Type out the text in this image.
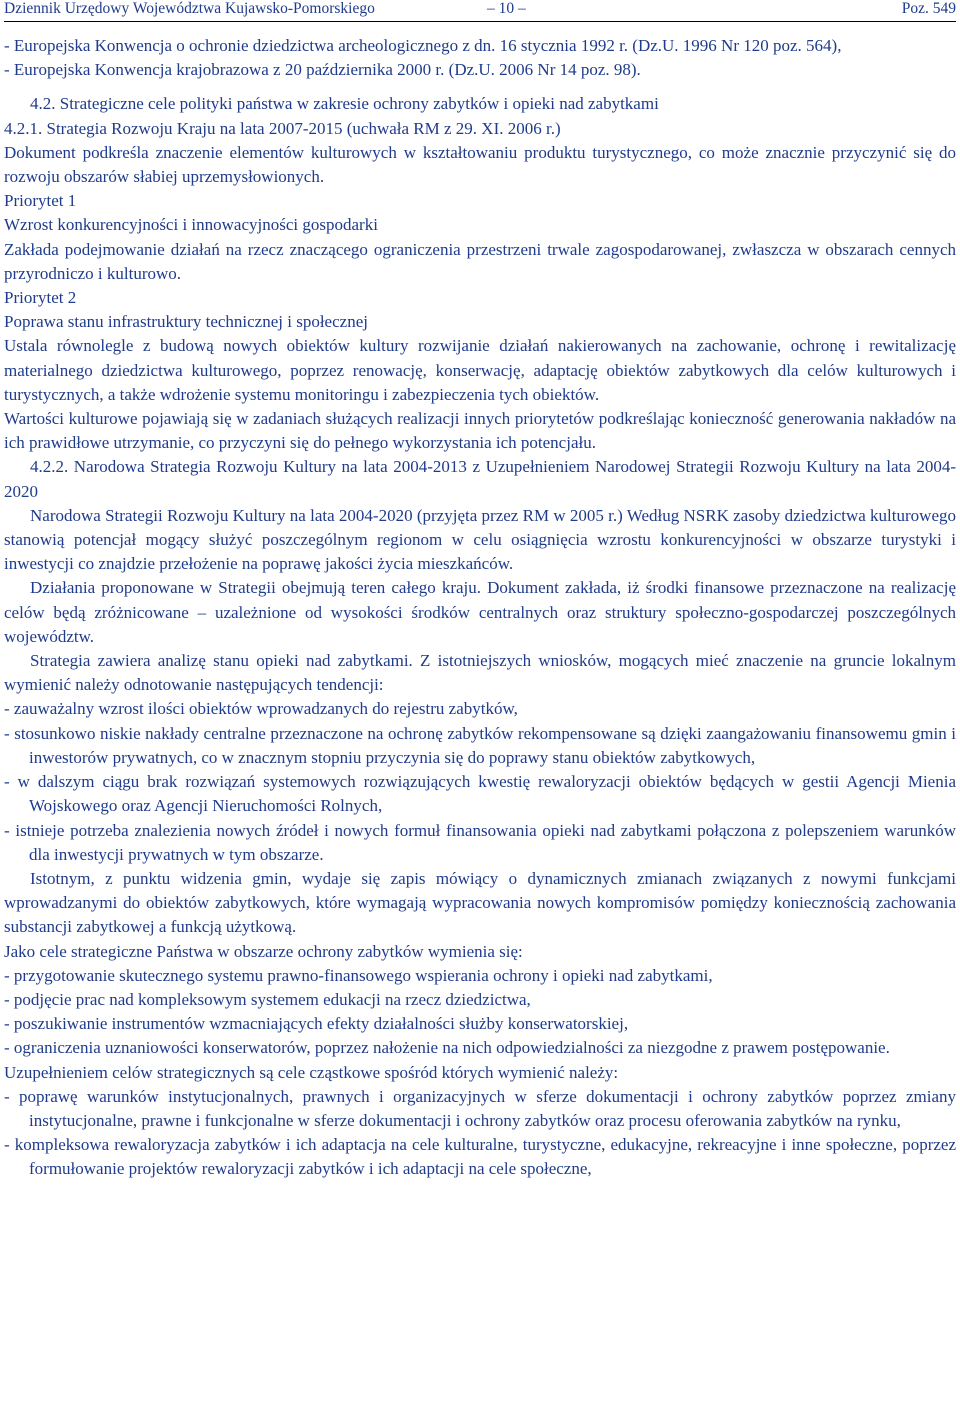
Dziennik Urzędowy Województwa Kujawsko-Pomorskiego	– 10 –	Poz. 549

- Europejska Konwencja o ochronie dziedzictwa archeologicznego z dn. 16 stycznia 1992 r. (Dz.U. 1996 Nr 120 poz. 564),

- Europejska Konwencja krajobrazowa z 20 października 2000 r. (Dz.U. 2006 Nr 14 poz. 98).

4.2. Strategiczne cele polityki państwa w zakresie ochrony zabytków i opieki nad zabytkami

4.2.1. Strategia Rozwoju Kraju na lata 2007-2015 (uchwała RM z 29. XI. 2006 r.)

Dokument podkreśla znaczenie elementów kulturowych w kształtowaniu produktu turystycznego, co może znacznie przyczynić się do rozwoju obszarów słabiej uprzemysłowionych.

Priorytet 1

Wzrost konkurencyjności i innowacyjności gospodarki

Zakłada podejmowanie działań na rzecz znaczącego ograniczenia przestrzeni trwale zagospodarowanej, zwłaszcza w obszarach cennych przyrodniczo i kulturowo.

Priorytet 2

Poprawa stanu infrastruktury technicznej i społecznej

Ustala równolegle z budową nowych obiektów kultury rozwijanie działań nakierowanych na zachowanie, ochronę i rewitalizację materialnego dziedzictwa kulturowego, poprzez renowację, konserwację, adaptację obiektów zabytkowych dla celów kulturowych i turystycznych, a także wdrożenie systemu monitoringu i zabezpieczenia tych obiektów.

Wartości kulturowe pojawiają się w zadaniach służących realizacji innych priorytetów podkreślając konieczność generowania nakładów na ich prawidłowe utrzymanie, co przyczyni się do pełnego wykorzystania ich potencjału.

4.2.2. Narodowa Strategia Rozwoju Kultury na lata 2004-2013 z Uzupełnieniem Narodowej Strategii Rozwoju Kultury na lata 2004-2020

Narodowa Strategii Rozwoju Kultury na lata 2004-2020 (przyjęta przez RM w 2005 r.) Według NSRK zasoby dziedzictwa kulturowego stanowią potencjał mogący służyć poszczególnym regionom w celu osiągnięcia wzrostu konkurencyjności w obszarze turystyki i inwestycji co znajdzie przełożenie na poprawę jakości życia mieszkańców.

Działania proponowane w Strategii obejmują teren całego kraju. Dokument zakłada, iż środki finansowe przeznaczone na realizację celów będą zróżnicowane – uzależnione od wysokości środków centralnych oraz struktury społeczno-gospodarczej poszczególnych województw.

Strategia zawiera analizę stanu opieki nad zabytkami. Z istotniejszych wniosków, mogących mieć znaczenie na gruncie lokalnym wymienić należy odnotowanie następujących tendencji:

- zauważalny wzrost ilości obiektów wprowadzanych do rejestru zabytków,

- stosunkowo niskie nakłady centralne przeznaczone na ochronę zabytków rekompensowane są dzięki zaangażowaniu finansowemu gmin i inwestorów prywatnych, co w znacznym stopniu przyczynia się do poprawy stanu obiektów zabytkowych,

- w dalszym ciągu brak rozwiązań systemowych rozwiązujących kwestię rewaloryzacji obiektów będących w gestii Agencji Mienia Wojskowego oraz Agencji Nieruchomości Rolnych,

- istnieje potrzeba znalezienia nowych źródeł i nowych formuł finansowania opieki nad zabytkami połączona z polepszeniem warunków dla inwestycji prywatnych w tym obszarze.

Istotnym, z punktu widzenia gmin, wydaje się zapis mówiący o dynamicznych zmianach związanych z nowymi funkcjami wprowadzanymi do obiektów zabytkowych, które wymagają wypracowania nowych kompromisów pomiędzy koniecznością zachowania substancji zabytkowej a funkcją użytkową.

Jako cele strategiczne Państwa w obszarze ochrony zabytków wymienia się:

- przygotowanie skutecznego systemu prawno-finansowego wspierania ochrony i opieki nad zabytkami,

- podjęcie prac nad kompleksowym systemem edukacji na rzecz dziedzictwa,

- poszukiwanie instrumentów wzmacniających efekty działalności służby konserwatorskiej,

- ograniczenia uznaniowości konserwatorów, poprzez nałożenie na nich odpowiedzialności za niezgodne z prawem postępowanie.

Uzupełnieniem celów strategicznych są cele cząstkowe spośród których wymienić należy:

- poprawę warunków instytucjonalnych, prawnych i organizacyjnych w sferze dokumentacji i ochrony zabytków poprzez zmiany instytucjonalne, prawne i funkcjonalne w sferze dokumentacji i ochrony zabytków oraz procesu oferowania zabytków na rynku,

- kompleksowa rewaloryzacja zabytków i ich adaptacja na cele kulturalne, turystyczne, edukacyjne, rekreacyjne i inne społeczne, poprzez formułowanie projektów rewaloryzacji zabytków i ich adaptacji na cele społeczne,
